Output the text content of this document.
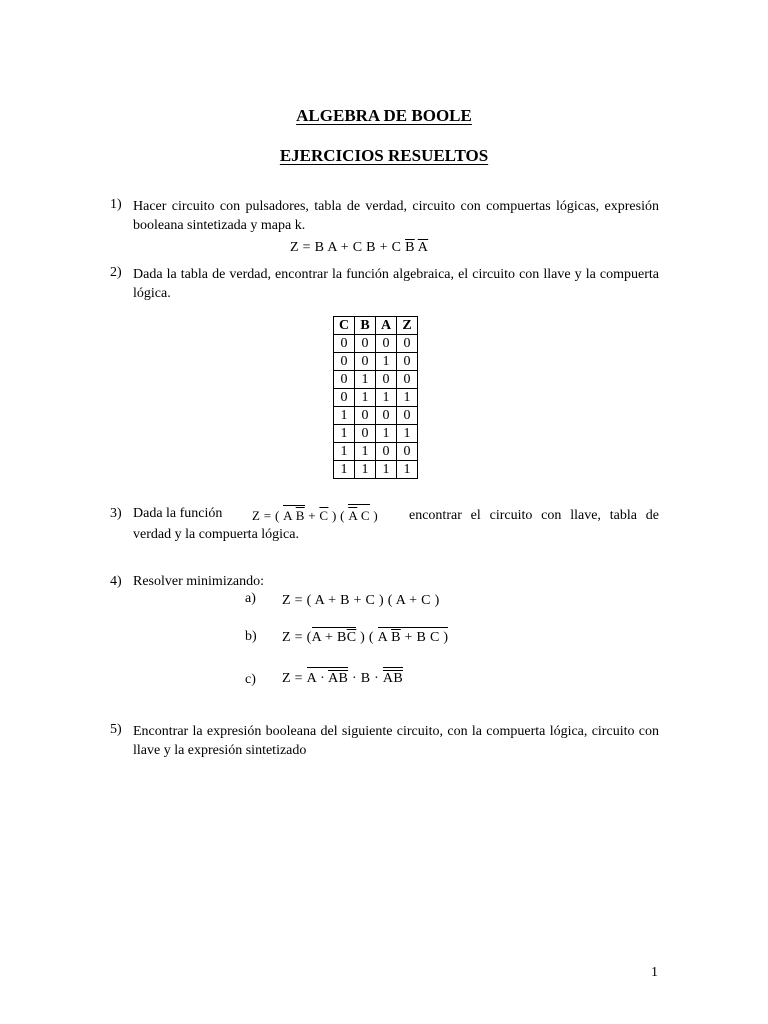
ALGEBRA DE BOOLE
EJERCICIOS RESUELTOS
1) Hacer circuito con pulsadores, tabla de verdad, circuito con compuertas lógicas, expresión booleana sintetizada y mapa k.
Z = B A + C B + C $\overline{B}$ $\overline{A}$
2) Dada la tabla de verdad, encontrar la función algebraica, el circuito con llave y la compuerta lógica.
C	B	A	Z
0	0	0	0
0	0	1	0
0	1	0	0
0	1	1	1
1	0	0	0
1	0	1	1
1	1	0	0
1	1	1	1
3) Dada la función Z = ( A $\overline{B} + \overline{C}$ ) ( $\overline{A}$ C )	encontrar el circuito con llave, tabla de verdad y la compuerta lógica.
4) Resolver minimizando:
a) Z = ( A + B + C ) ( A + C )
b) $Z = (A + B\overline{C}$ ) ( A $\overline{B} + B$ C )
c) $Z = A \cdot \overline{AB} \cdot B \cdot \overline{AB}$
5) Encontrar la expresión booleana del siguiente circuito, con la compuerta lógica, circuito con llave y la expresión sintetizado
1
